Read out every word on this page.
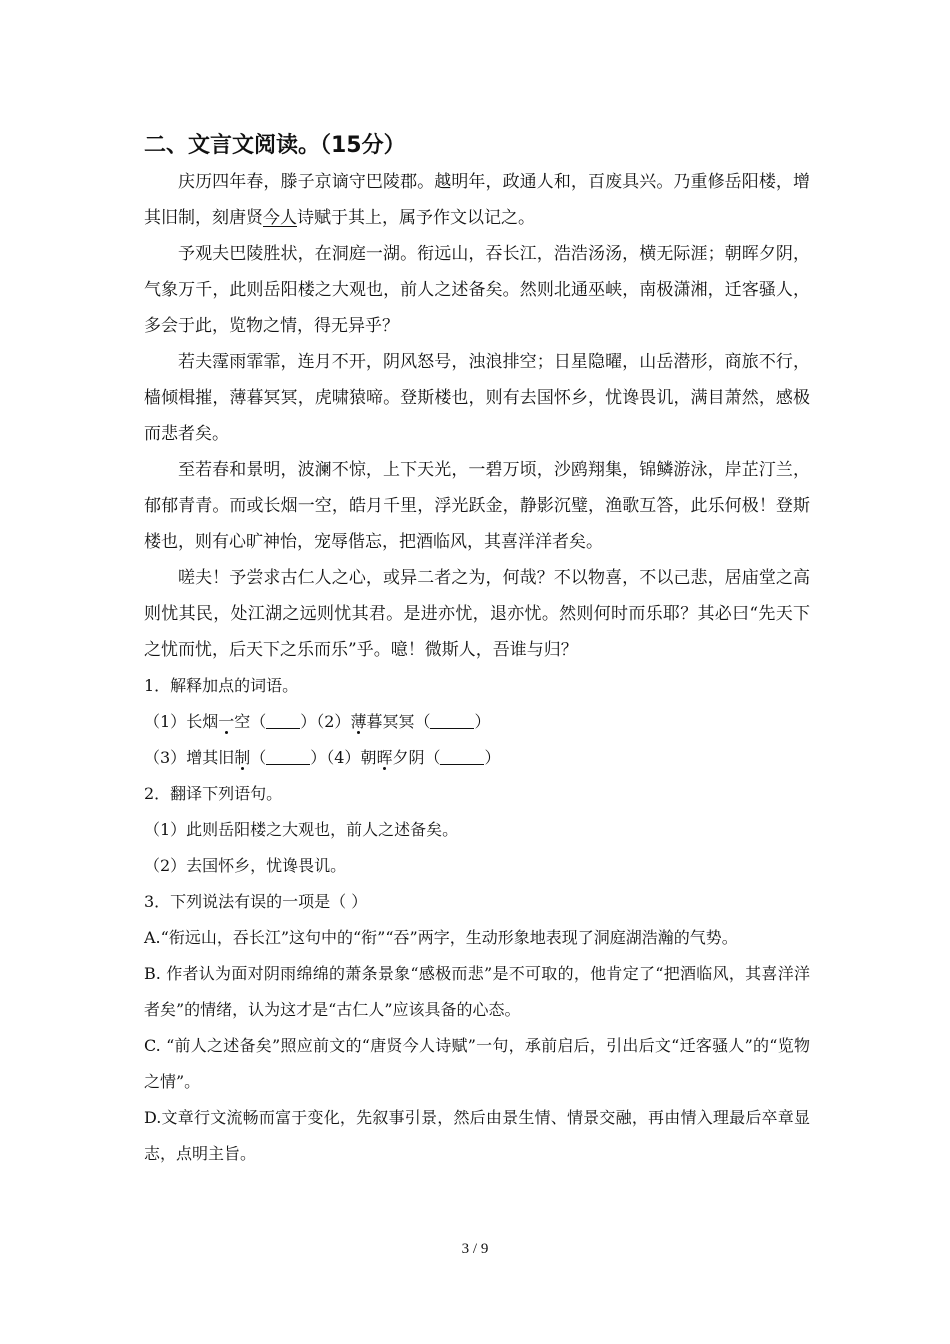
二、文言文阅读。（15分）

庆历四年春，滕子京谪守巴陵郡。越明年，政通人和，百废具兴。乃重修岳阳楼，增其旧制，刻唐贤今人诗赋于其上，属予作文以记之。

予观夫巴陵胜状，在洞庭一湖。衔远山，吞长江，浩浩汤汤，横无际涯；朝晖夕阴，气象万千，此则岳阳楼之大观也，前人之述备矣。然则北通巫峡，南极潇湘，迁客骚人，多会于此，览物之情，得无异乎？

若夫霪雨霏霏，连月不开，阴风怒号，浊浪排空；日星隐曜，山岳潜形，商旅不行，樯倾楫摧，薄暮冥冥，虎啸猿啼。登斯楼也，则有去国怀乡，忧谗畏讥，满目萧然，感极而悲者矣。

至若春和景明，波澜不惊，上下天光，一碧万顷，沙鸥翔集，锦鳞游泳，岸芷汀兰，郁郁青青。而或长烟一空，皓月千里，浮光跃金，静影沉璧，渔歌互答，此乐何极！登斯楼也，则有心旷神怡，宠辱偕忘，把酒临风，其喜洋洋者矣。

嗟夫！予尝求古仁人之心，或异二者之为，何哉？不以物喜，不以己悲，居庙堂之高则忧其民，处江湖之远则忧其君。是进亦忧，退亦忧。然则何时而乐耶？其必曰“先天下之忧而忧，后天下之乐而乐”乎。噫！微斯人，吾谁与归？

1．解释加点的词语。

（1）长烟一空（ ）（2）薄暮冥冥（	）

（3）增其旧制（	）（4）朝晖夕阴（	）

2．翻译下列语句。

（1）此则岳阳楼之大观也，前人之述备矣。

（2）去国怀乡，忧谗畏讥。

3．下列说法有误的一项是（ ）

A.“衔远山，吞长江”这句中的“衔”“吞”两字，生动形象地表现了洞庭湖浩瀚的气势。

B. 作者认为面对阴雨绵绵的萧条景象“感极而悲”是不可取的，他肯定了“把酒临风，其喜洋洋者矣”的情绪，认为这才是“古仁人”应该具备的心态。

C. “前人之述备矣”照应前文的“唐贤今人诗赋”一句，承前启后，引出后文“迁客骚人”的“览物之情”。

D.文章行文流畅而富于变化，先叙事引景，然后由景生情、情景交融，再由情入理最后卒章显志，点明主旨。

3 / 9
